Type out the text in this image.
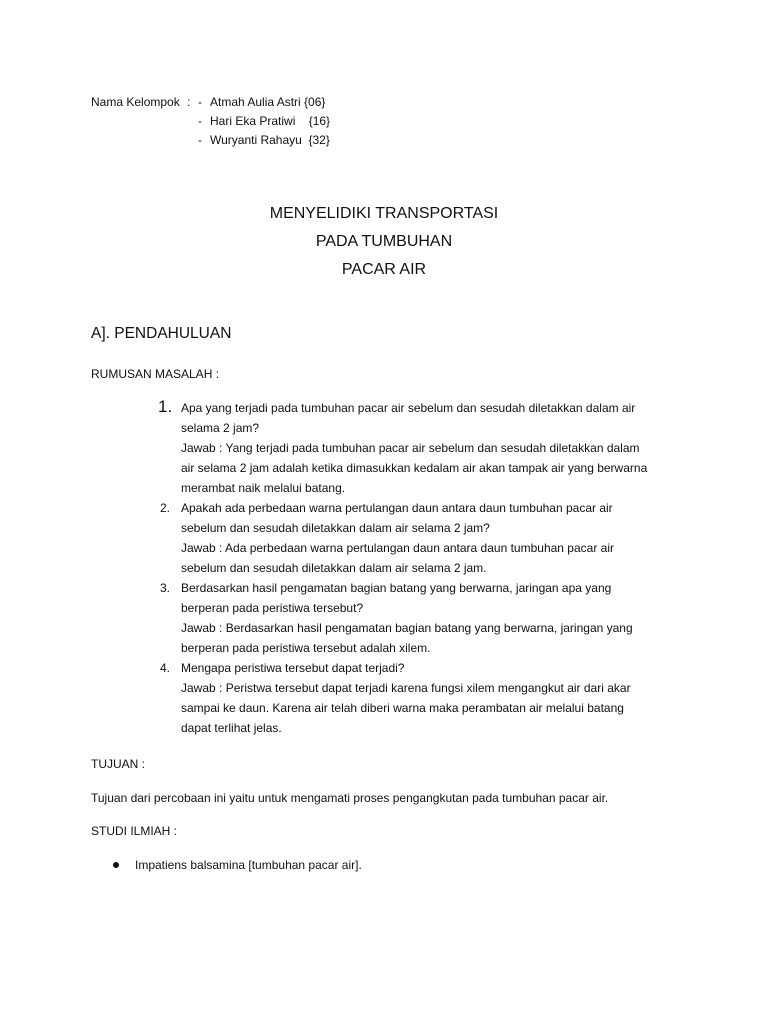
Nama Kelompok : - Atmah Aulia Astri {06}
- Hari Eka Pratiwi    {16}
- Wuryanti Rahayu  {32}
MENYELIDIKI TRANSPORTASI
PADA TUMBUHAN
PACAR AIR
A]. PENDAHULUAN
RUMUSAN MASALAH :
1. Apa yang terjadi pada tumbuhan pacar air sebelum dan sesudah diletakkan dalam air
selama 2 jam?
Jawab : Yang terjadi pada tumbuhan pacar air sebelum dan sesudah diletakkan dalam
air selama 2 jam adalah ketika dimasukkan kedalam air akan tampak air yang berwarna
merambat naik melalui batang.
2. Apakah ada perbedaan warna pertulangan daun antara daun tumbuhan pacar air
sebelum dan sesudah diletakkan dalam air selama 2 jam?
Jawab : Ada perbedaan warna pertulangan daun antara daun tumbuhan pacar air
sebelum dan sesudah diletakkan dalam air selama 2 jam.
3. Berdasarkan hasil pengamatan bagian batang yang berwarna, jaringan apa yang
berperan pada peristiwa tersebut?
Jawab : Berdasarkan hasil pengamatan bagian batang yang berwarna, jaringan yang
berperan pada peristiwa tersebut adalah xilem.
4. Mengapa peristiwa tersebut dapat terjadi?
Jawab : Peristwa tersebut dapat terjadi karena fungsi xilem mengangkut air dari akar
sampai ke daun. Karena air telah diberi warna maka perambatan air melalui batang
dapat terlihat jelas.
TUJUAN :
Tujuan dari percobaan ini yaitu untuk mengamati proses pengangkutan pada tumbuhan pacar air.
STUDI ILMIAH :
Impatiens balsamina [tumbuhan pacar air].
